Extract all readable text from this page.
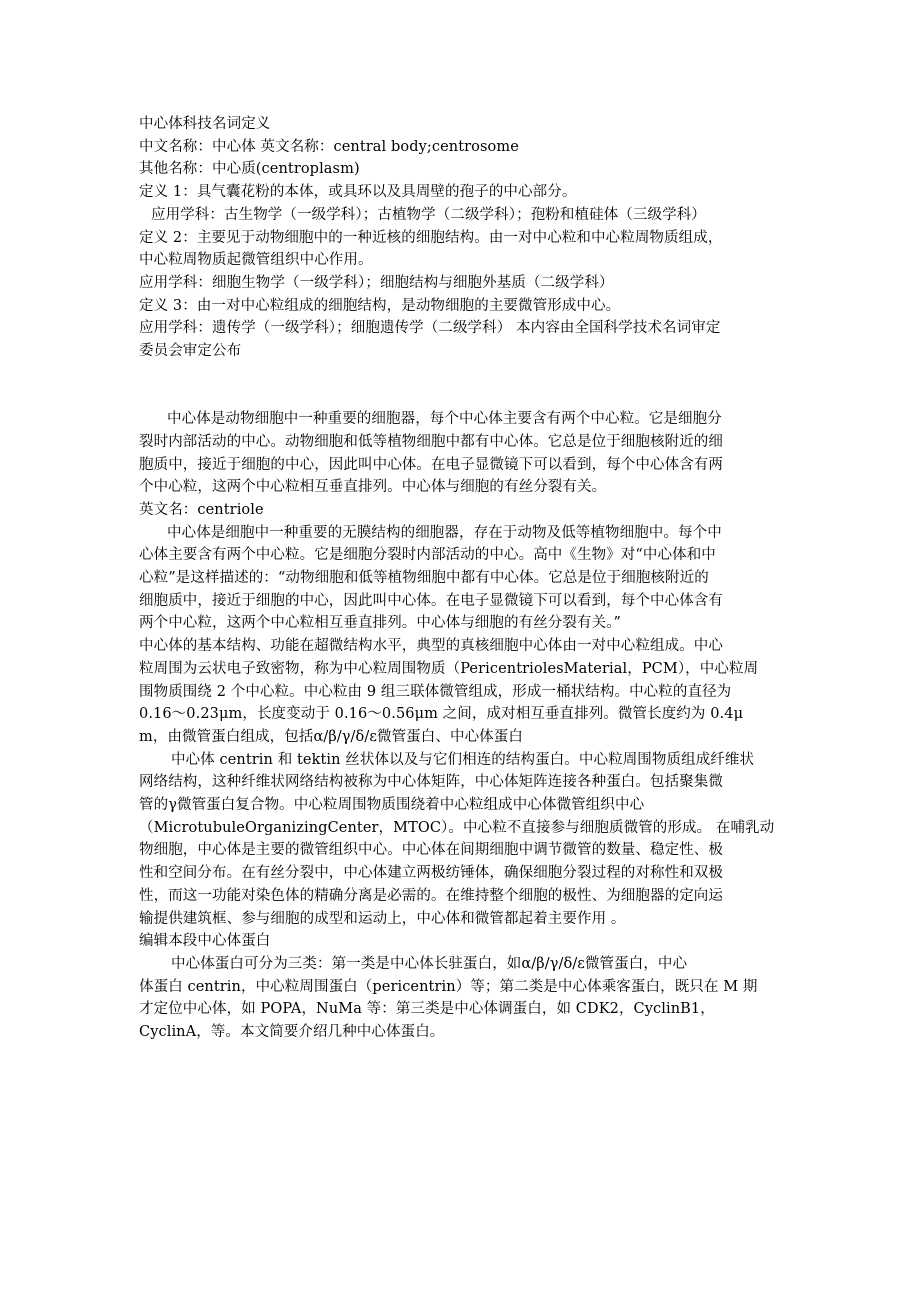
中心体科技名词定义
中文名称：中心体 英文名称：central body;centrosome
其他名称：中心质(centroplasm)
定义 1：具气囊花粉的本体，或具环以及具周壁的孢子的中心部分。
应用学科：古生物学（一级学科）；古植物学（二级学科）；孢粉和植硅体（三级学科）
定义 2：主要见于动物细胞中的一种近核的细胞结构。由一对中心粒和中心粒周物质组成，
中心粒周物质起微管组织中心作用。
应用学科：细胞生物学（一级学科）；细胞结构与细胞外基质（二级学科）
定义 3：由一对中心粒组成的细胞结构，是动物细胞的主要微管形成中心。
应用学科：遗传学（一级学科）；细胞遗传学（二级学科） 本内容由全国科学技术名词审定
委员会审定公布
中心体是动物细胞中一种重要的细胞器，每个中心体主要含有两个中心粒。它是细胞分
裂时内部活动的中心。动物细胞和低等植物细胞中都有中心体。它总是位于细胞核附近的细
胞质中，接近于细胞的中心，因此叫中心体。在电子显微镜下可以看到，每个中心体含有两
个中心粒，这两个中心粒相互垂直排列。中心体与细胞的有丝分裂有关。
英文名：centriole
中心体是细胞中一种重要的无膜结构的细胞器，存在于动物及低等植物细胞中。每个中
心体主要含有两个中心粒。它是细胞分裂时内部活动的中心。高中《生物》对“中心体和中
心粒”是这样描述的：“动物细胞和低等植物细胞中都有中心体。它总是位于细胞核附近的
细胞质中，接近于细胞的中心，因此叫中心体。在电子显微镜下可以看到，每个中心体含有
两个中心粒，这两个中心粒相互垂直排列。中心体与细胞的有丝分裂有关。”
中心体的基本结构、功能在超微结构水平，典型的真核细胞中心体由一对中心粒组成。中心
粒周围为云状电子致密物，称为中心粒周围物质（PericentriolesMaterial，PCM），中心粒周
围物质围绕 2 个中心粒。中心粒由 9 组三联体微管组成，形成一桶状结构。中心粒的直径为
0.16～0.23μm，长度变动于 0.16～0.56μm 之间，成对相互垂直排列。微管长度约为 0.4μ
m，由微管蛋白组成，包括α/β/γ/δ/ε微管蛋白、中心体蛋白
中心体 centrin 和 tektin 丝状体以及与它们相连的结构蛋白。中心粒周围物质组成纤维状
网络结构，这种纤维状网络结构被称为中心体矩阵，中心体矩阵连接各种蛋白。包括聚集微
管的γ微管蛋白复合物。中心粒周围物质围绕着中心粒组成中心体微管组织中心
（MicrotubuleOrganizingCenter，MTOC）。中心粒不直接参与细胞质微管的形成。 在哺乳动
物细胞，中心体是主要的微管组织中心。中心体在间期细胞中调节微管的数量、稳定性、极
性和空间分布。在有丝分裂中，中心体建立两极纺锤体，确保细胞分裂过程的对称性和双极
性，而这一功能对染色体的精确分离是必需的。在维持整个细胞的极性、为细胞器的定向运
输提供建筑框、参与细胞的成型和运动上，中心体和微管都起着主要作用 。
编辑本段中心体蛋白
中心体蛋白可分为三类：第一类是中心体长驻蛋白，如α/β/γ/δ/ε微管蛋白，中心
体蛋白 centrin，中心粒周围蛋白（pericentrin）等；第二类是中心体乘客蛋白，既只在 M 期
才定位中心体，如 POPA，NuMa 等：第三类是中心体调蛋白，如 CDK2，CyclinB1，
CyclinA，等。本文简要介绍几种中心体蛋白。
